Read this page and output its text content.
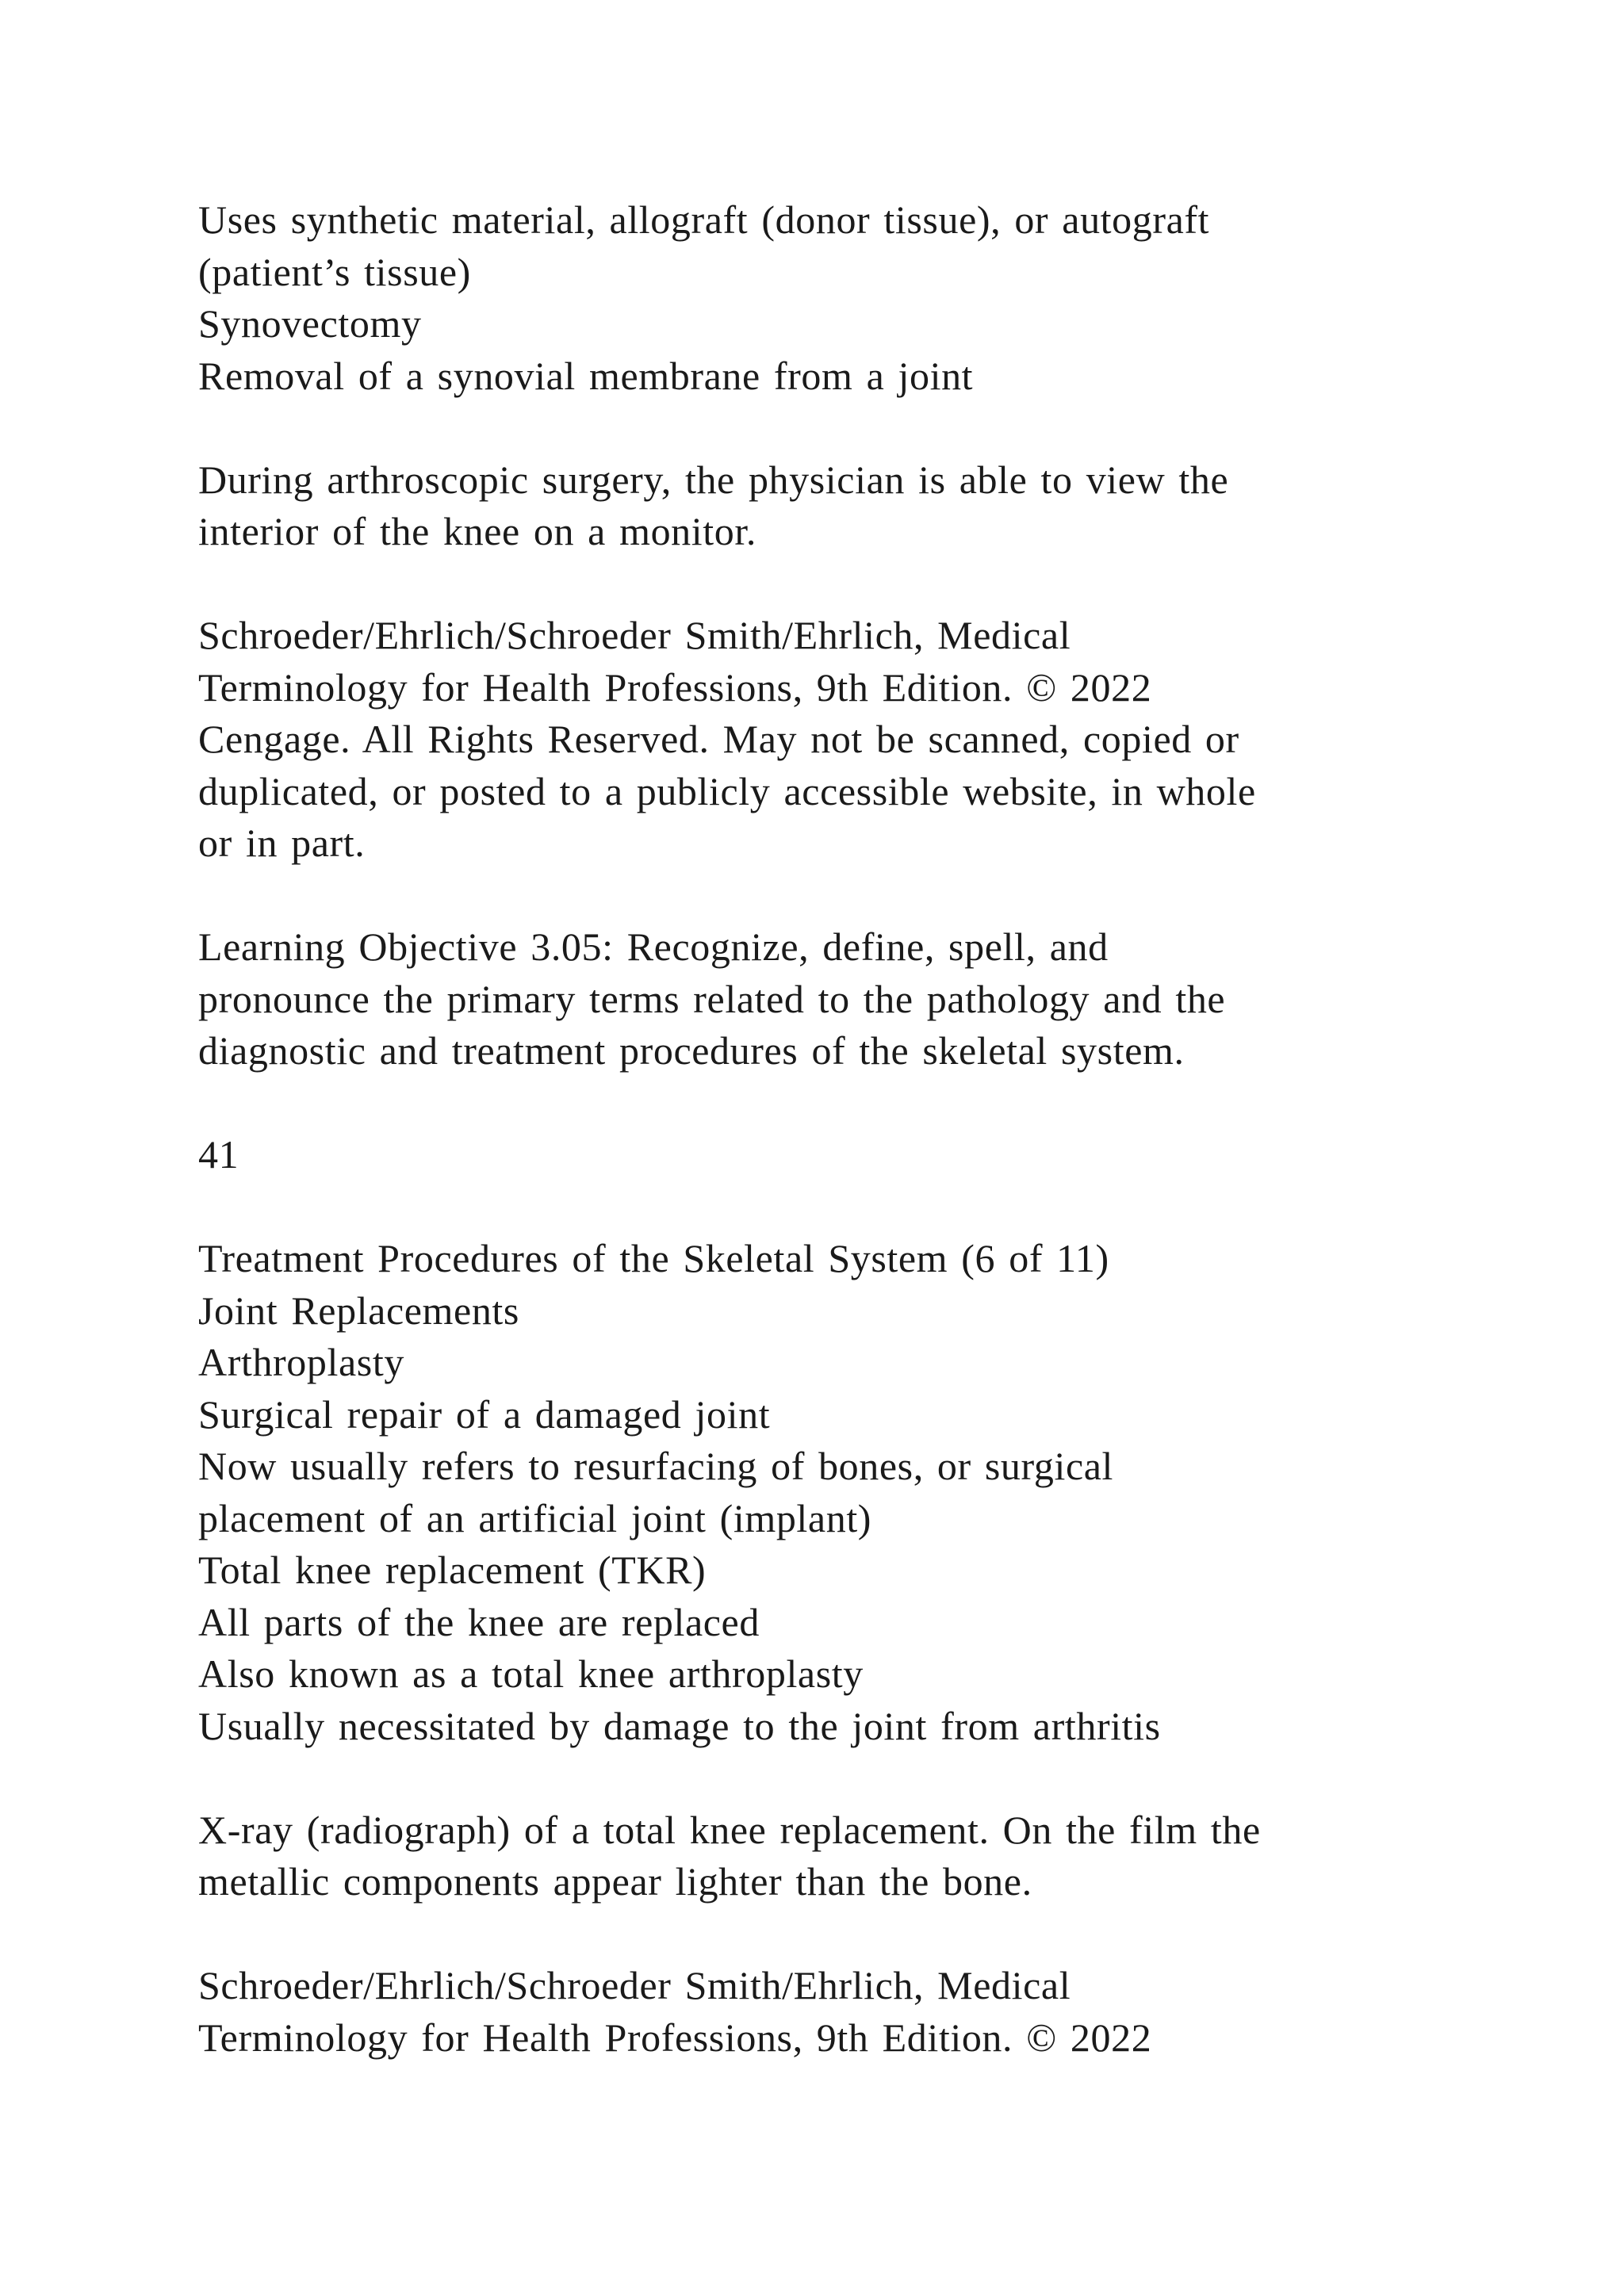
Uses synthetic material, allograft (donor tissue), or autograft
(patient’s tissue)
Synovectomy
Removal of a synovial membrane from a joint
During arthroscopic surgery, the physician is able to view the
interior of the knee on a monitor.
Schroeder/Ehrlich/Schroeder Smith/Ehrlich, Medical
Terminology for Health Professions, 9th Edition. © 2022
Cengage. All Rights Reserved. May not be scanned, copied or
duplicated, or posted to a publicly accessible website, in whole
or in part.
Learning Objective 3.05: Recognize, define, spell, and
pronounce the primary terms related to the pathology and the
diagnostic and treatment procedures of the skeletal system.
41
Treatment Procedures of the Skeletal System (6 of 11)
Joint Replacements
Arthroplasty
Surgical repair of a damaged joint
Now usually refers to resurfacing of bones, or surgical
placement of an artificial joint (implant)
Total knee replacement (TKR)
All parts of the knee are replaced
Also known as a total knee arthroplasty
Usually necessitated by damage to the joint from arthritis
X-ray (radiograph) of a total knee replacement. On the film the
metallic components appear lighter than the bone.
Schroeder/Ehrlich/Schroeder Smith/Ehrlich, Medical
Terminology for Health Professions, 9th Edition. © 2022
